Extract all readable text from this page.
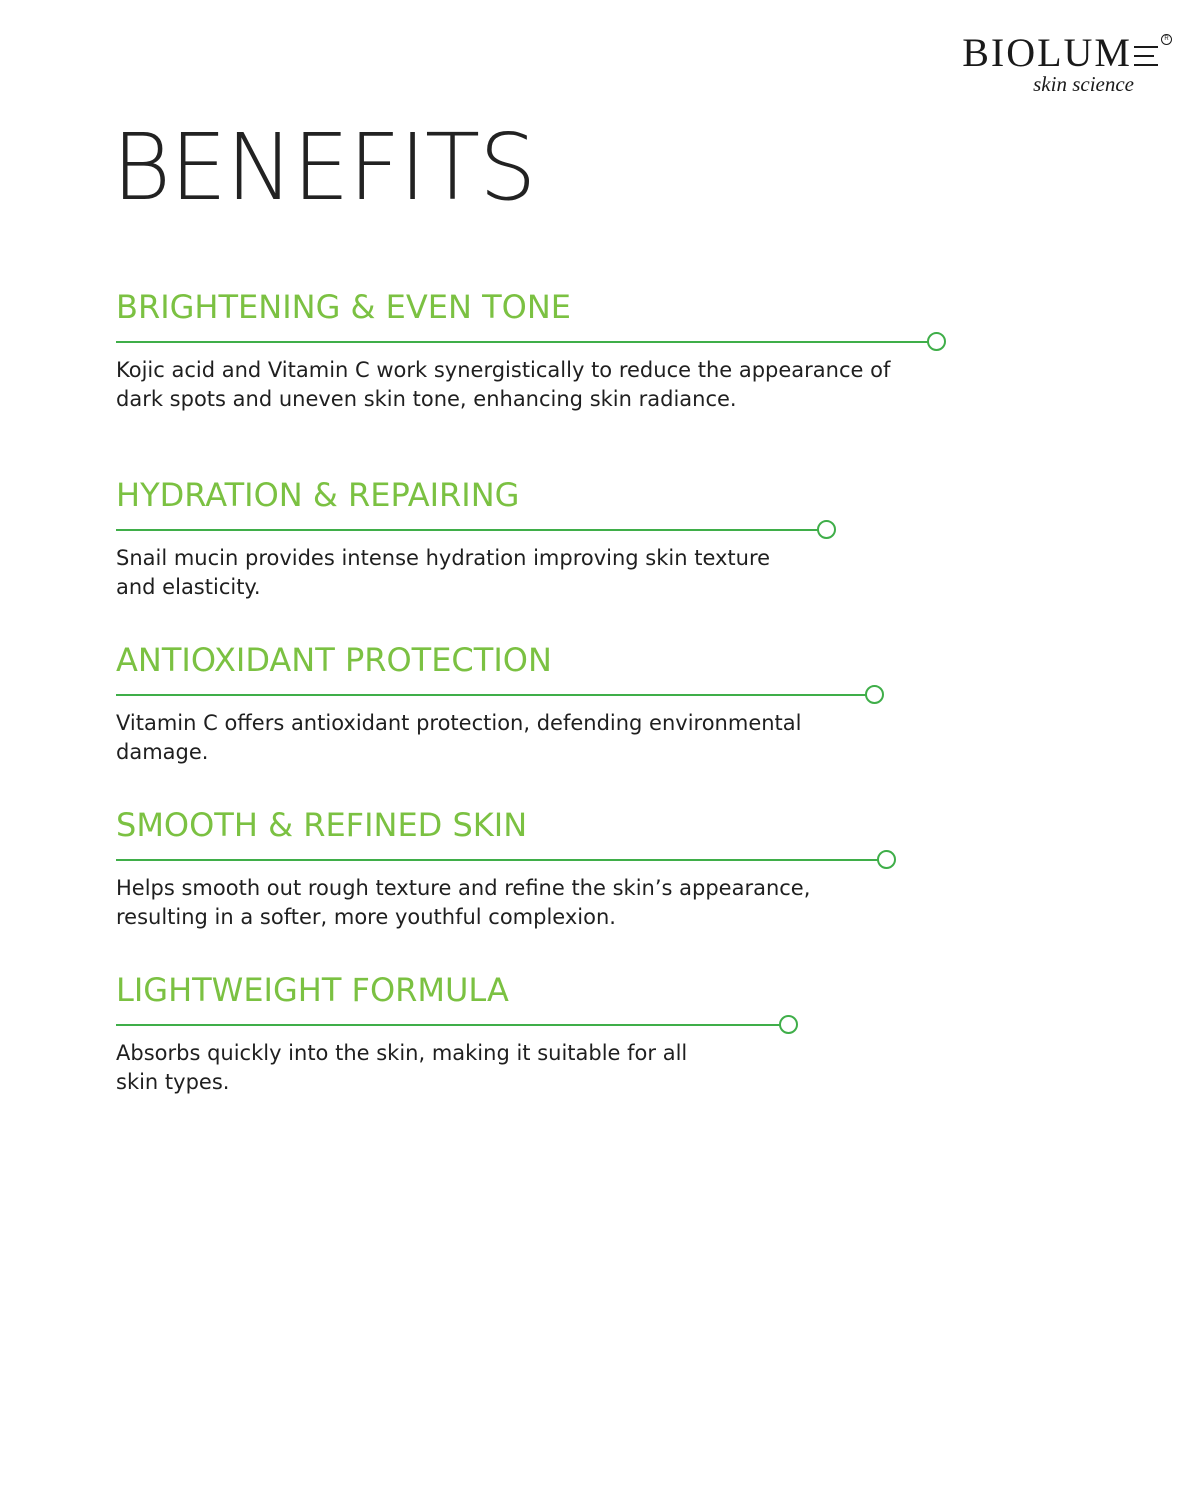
BIOLUM	R
skin science
BENEFITS
BRIGHTENING & EVEN TONE

Kojic acid and Vitamin C work synergistically to reduce the appearance of dark spots and uneven skin tone, enhancing skin radiance.

HYDRATION & REPAIRING

Snail mucin provides intense hydration improving skin texture and elasticity.

ANTIOXIDANT PROTECTION

Vitamin C offers antioxidant protection, defending environmental damage.

SMOOTH & REFINED SKIN

Helps smooth out rough texture and refine the skin’s appearance, resulting in a softer, more youthful complexion.

LIGHTWEIGHT FORMULA

Absorbs quickly into the skin, making it suitable for all skin types.
